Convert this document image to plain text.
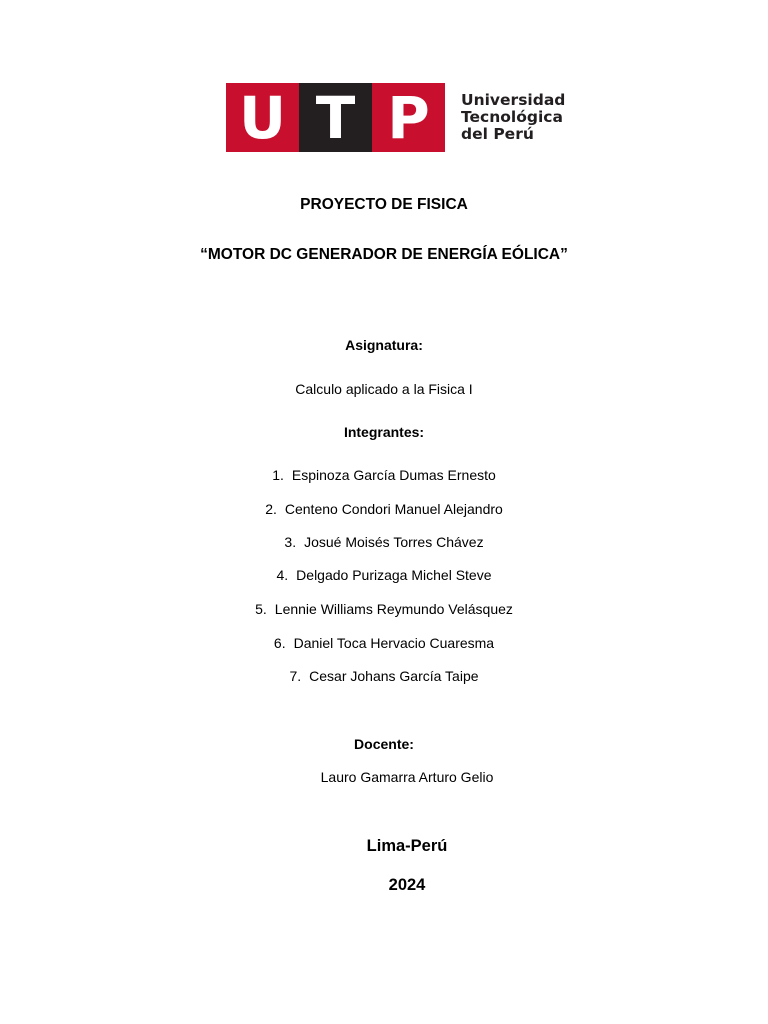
U T P	Universidad
Tecnológica
del Perú
PROYECTO DE FISICA
“MOTOR DC GENERADOR DE ENERGÍA EÓLICA”
Asignatura:
Calculo aplicado a la Fisica I
Integrantes:
1. Espinoza García Dumas Ernesto
2. Centeno Condori Manuel Alejandro
3. Josué Moisés Torres Chávez
4. Delgado Purizaga Michel Steve
5. Lennie Williams Reymundo Velásquez
6. Daniel Toca Hervacio Cuaresma
7. Cesar Johans García Taipe
Docente:
Lauro Gamarra Arturo Gelio
Lima-Perú
2024
